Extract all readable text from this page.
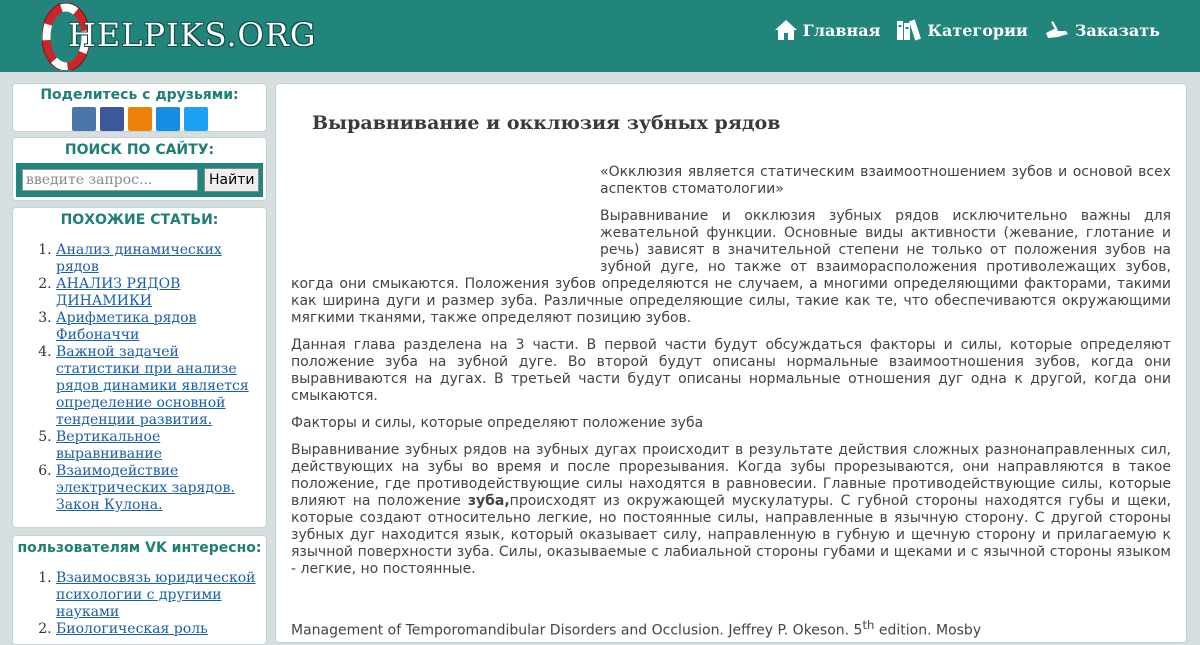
HELPIKS.ORG	Главная	Категории	Заказать
Поделитесь с друзьями:
ПОИСК ПО САЙТУ:
введите запрос...
Найти
ПОХОЖИЕ СТАТЬИ:
1. Анализ динамических рядов
2. АНАЛИЗ РЯДОВ ДИНАМИКИ
3. Арифметика рядов Фибоначчи
4. Важной задачей статистики при анализе рядов динамики является определение основной тенденции развития.
5. Вертикальное выравнивание
6. Взаимодействие электрических зарядов. Закон Кулона.
пользователям VK интересно:
1. Взаимосвязь юридической психологии с другими науками
2. Биологическая роль
Выравнивание и окклюзия зубных рядов

«Окклюзия является статическим взаимоотношением зубов и основой всех аспектов стоматологии»

Выравнивание и окклюзия зубных рядов исключительно важны для жевательной функции. Основные виды активности (жевание, глотание и речь) зависят в значительной степени не только от положения зубов на зубной дуге, но также от взаиморасположения противолежащих зубов, когда они смыкаются. Положения зубов определяются не случаем, а многими определяющими факторами, такими как ширина дуги и размер зуба. Различные определяющие силы, такие как те, что обеспечиваются окружающими мягкими тканями, также определяют позицию зубов.

Данная глава разделена на 3 части. В первой части будут обсуждаться факторы и силы, которые определяют положение зуба на зубной дуге. Во второй будут описаны нормальные взаимоотношения зубов, когда они выравниваются на дугах. В третьей части будут описаны нормальные отношения дуг одна к другой, когда они смыкаются.

Факторы и силы, которые определяют положение зуба

Выравнивание зубных рядов на зубных дугах происходит в результате действия сложных разнонаправленных сил, действующих на зубы во время и после прорезывания. Когда зубы прорезываются, они направляются в такое положение, где противодействующие силы находятся в равновесии. Главные противодействующие силы, которые влияют на положение зуба,происходят из окружающей мускулатуры. С губной стороны находятся губы и щеки, которые создают относительно легкие, но постоянные силы, направленные в язычную сторону. С другой стороны зубных дуг находится язык, который оказывает силу, направленную в губную и щечную сторону и прилагаемую к язычной поверхности зуба. Силы, оказываемые с лабиальной стороны губами и щеками и с язычной стороны языком - легкие, но постоянные.

Management of Temporomandibular Disorders and Occlusion. Jeffrey P. Okeson. 5th edition. Mosby
